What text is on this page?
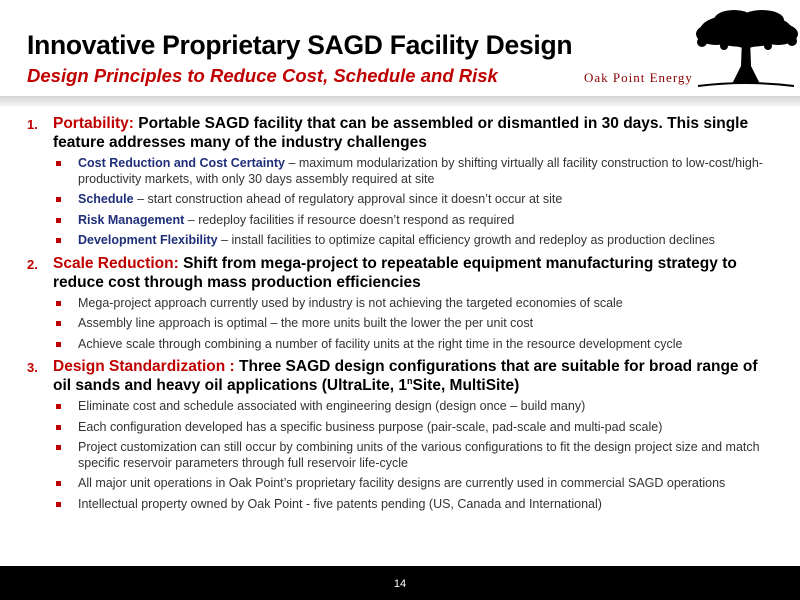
Innovative Proprietary SAGD Facility Design
Design Principles to Reduce Cost, Schedule and Risk	Oak Point Energy
1. Portability: Portable SAGD facility that can be assembled or dismantled in 30 days. This single feature addresses many of the industry challenges
Cost Reduction and Cost Certainty – maximum modularization by shifting virtually all facility construction to low-cost/high-productivity markets, with only 30 days assembly required at site
Schedule – start construction ahead of regulatory approval since it doesn’t occur at site
Risk Management – redeploy facilities if resource doesn’t respond as required
Development Flexibility – install facilities to optimize capital efficiency growth and redeploy as production declines
2. Scale Reduction: Shift from mega-project to repeatable equipment manufacturing strategy to reduce cost through mass production efficiencies
Mega-project approach currently used by industry is not achieving the targeted economies of scale
Assembly line approach is optimal – the more units built the lower the per unit cost
Achieve scale through combining a number of facility units at the right time in the resource development cycle
3. Design Standardization : Three SAGD design configurations that are suitable for broad range of oil sands and heavy oil applications (UltraLite, 1$^n$Site, MultiSite)
Eliminate cost and schedule associated with engineering design (design once – build many)
Each configuration developed has a specific business purpose (pair-scale, pad-scale and multi-pad scale)
Project customization can still occur by combining units of the various configurations to fit the design project size and match specific reservoir parameters through full reservoir life-cycle
All major unit operations in Oak Point’s proprietary facility designs are currently used in commercial SAGD operations
Intellectual property owned by Oak Point - five patents pending (US, Canada and International)
14
